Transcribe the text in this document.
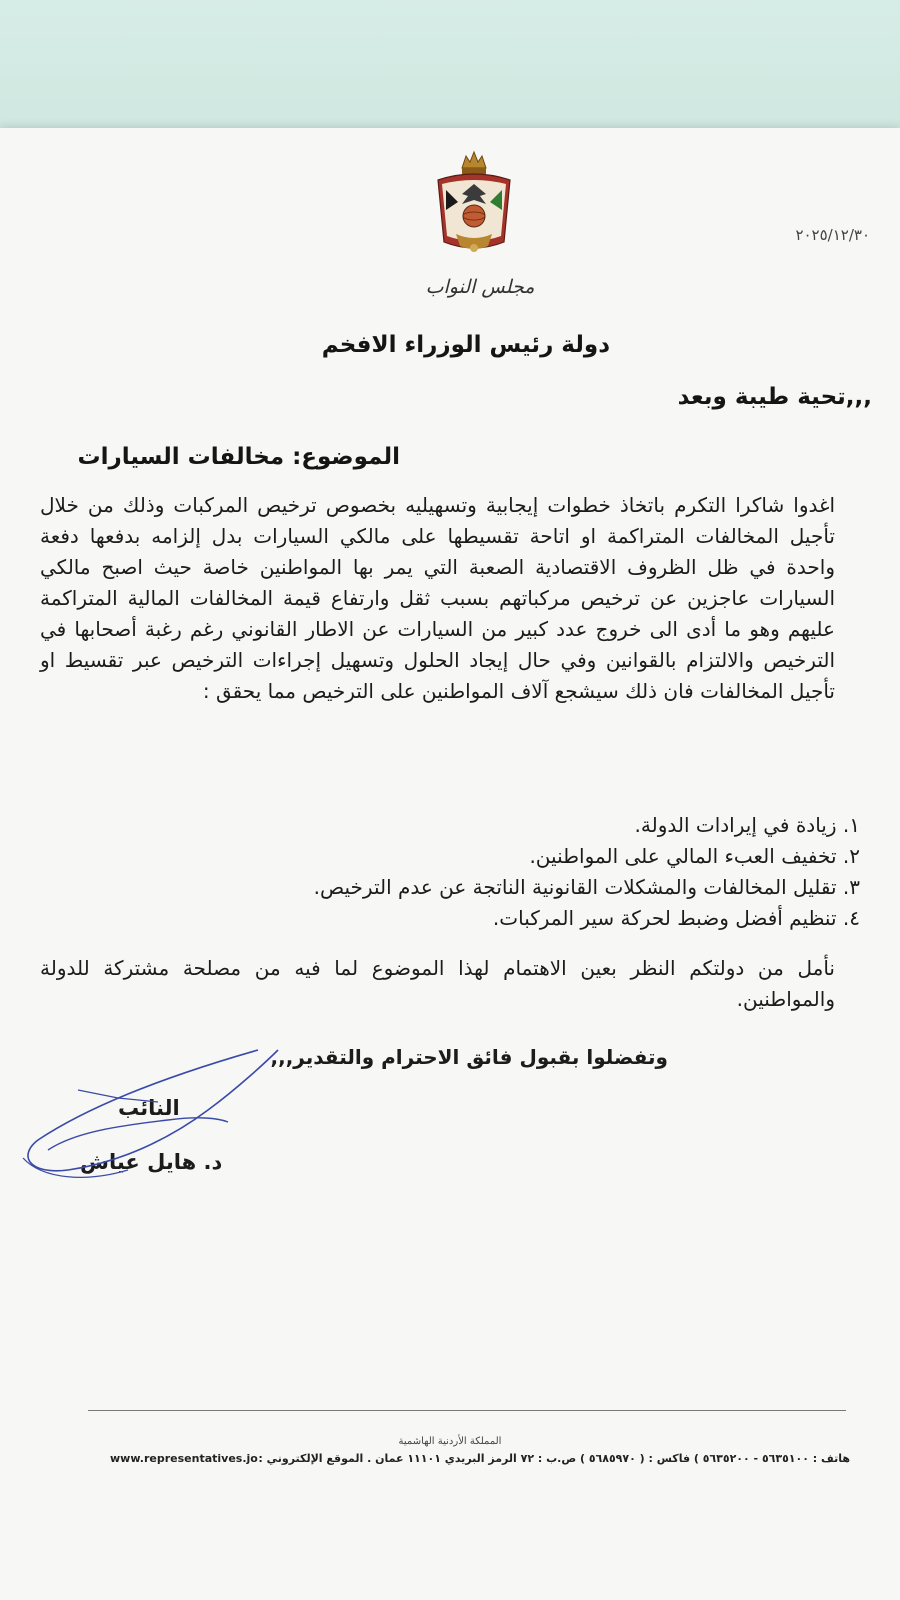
مجلس النواب
٢٠٢٥/١٢/٣٠
دولة رئيس الوزراء الافخم
تحية طيبة وبعد,,,
الموضوع: مخالفات السيارات
اغدوا شاكرا التكرم باتخاذ خطوات إيجابية وتسهيليه بخصوص ترخيص المركبات وذلك من خلال تأجيل المخالفات المتراكمة او اتاحة تقسيطها على مالكي السيارات بدل إلزامه بدفعها دفعة واحدة في ظل الظروف الاقتصادية الصعبة التي يمر بها المواطنين خاصة حيث اصبح مالكي السيارات عاجزين عن ترخيص مركباتهم بسبب ثقل وارتفاع قيمة المخالفات المالية المتراكمة عليهم وهو ما أدى الى خروج عدد كبير من السيارات عن الاطار القانوني رغم رغبة أصحابها في الترخيص والالتزام بالقوانين وفي حال إيجاد الحلول وتسهيل إجراءات الترخيص عبر تقسيط او تأجيل المخالفات فان ذلك سيشجع آلاف المواطنين على الترخيص مما يحقق :
١. زيادة في إيرادات الدولة.
٢. تخفيف العبء المالي على المواطنين.
٣. تقليل المخالفات والمشكلات القانونية الناتجة عن عدم الترخيص.
٤. تنظيم أفضل وضبط لحركة سير المركبات.
نأمل من دولتكم النظر بعين الاهتمام لهذا الموضوع لما فيه من مصلحة مشتركة للدولة والمواطنين.
وتفضلوا بقبول فائق الاحترام والتقدير,,,
النائب
د. هايل عياش
المملكة الأردنية الهاشمية
www.representatives.jo هاتف : ٥٦٣٥١٠٠ - ٥٦٣٥٢٠٠ ) فاكس : ( ٥٦٨٥٩٧٠ ) ص.ب : ٧٢ الرمز البريدي ١١١٠١ عمان . الموقع الإلكتروني :
